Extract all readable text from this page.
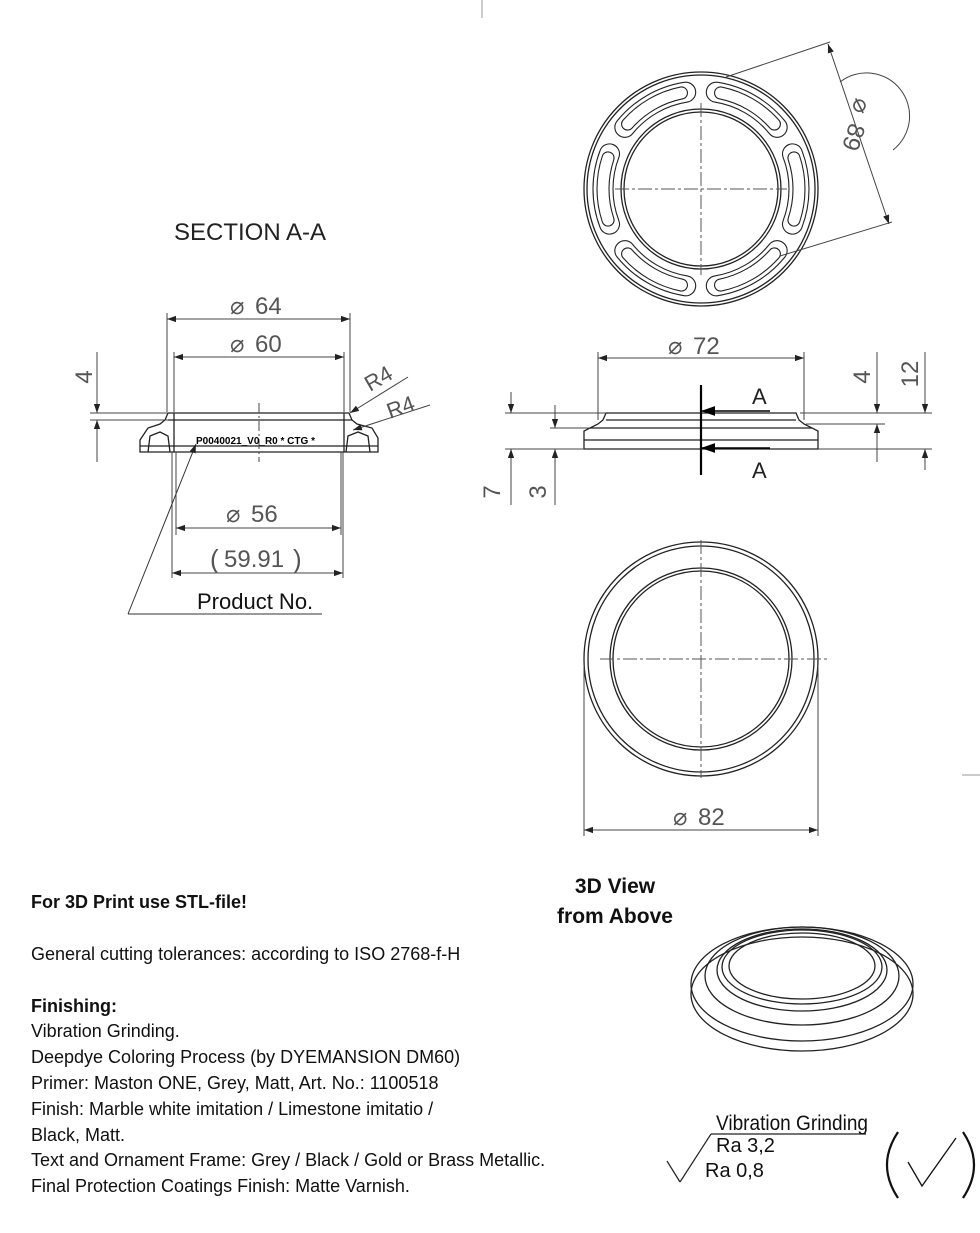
SECTION A-A
P0040021_V0_R0 * CTG *
⌀ 64
⌀ 60
⌀ 56
( 59.91 )
4	R4
R4
Product No.
⌀
89
A
A
⌀ 72
4 12
7 3
⌀ 82
Vibration Grinding
Ra 3,2
Ra 0,8
3D View
from Above
For 3D Print use STL-file!
General cutting tolerances: according to ISO 2768-f-H
Finishing:
Vibration Grinding.
Deepdye Coloring Process (by DYEMANSION DM60)
Primer: Maston ONE, Grey, Matt, Art. No.: 1100518
Finish: Marble white imitation / Limestone imitatio /
Black, Matt.
Text and Ornament Frame: Grey / Black / Gold or Brass Metallic.
Final Protection Coatings Finish: Matte Varnish.
